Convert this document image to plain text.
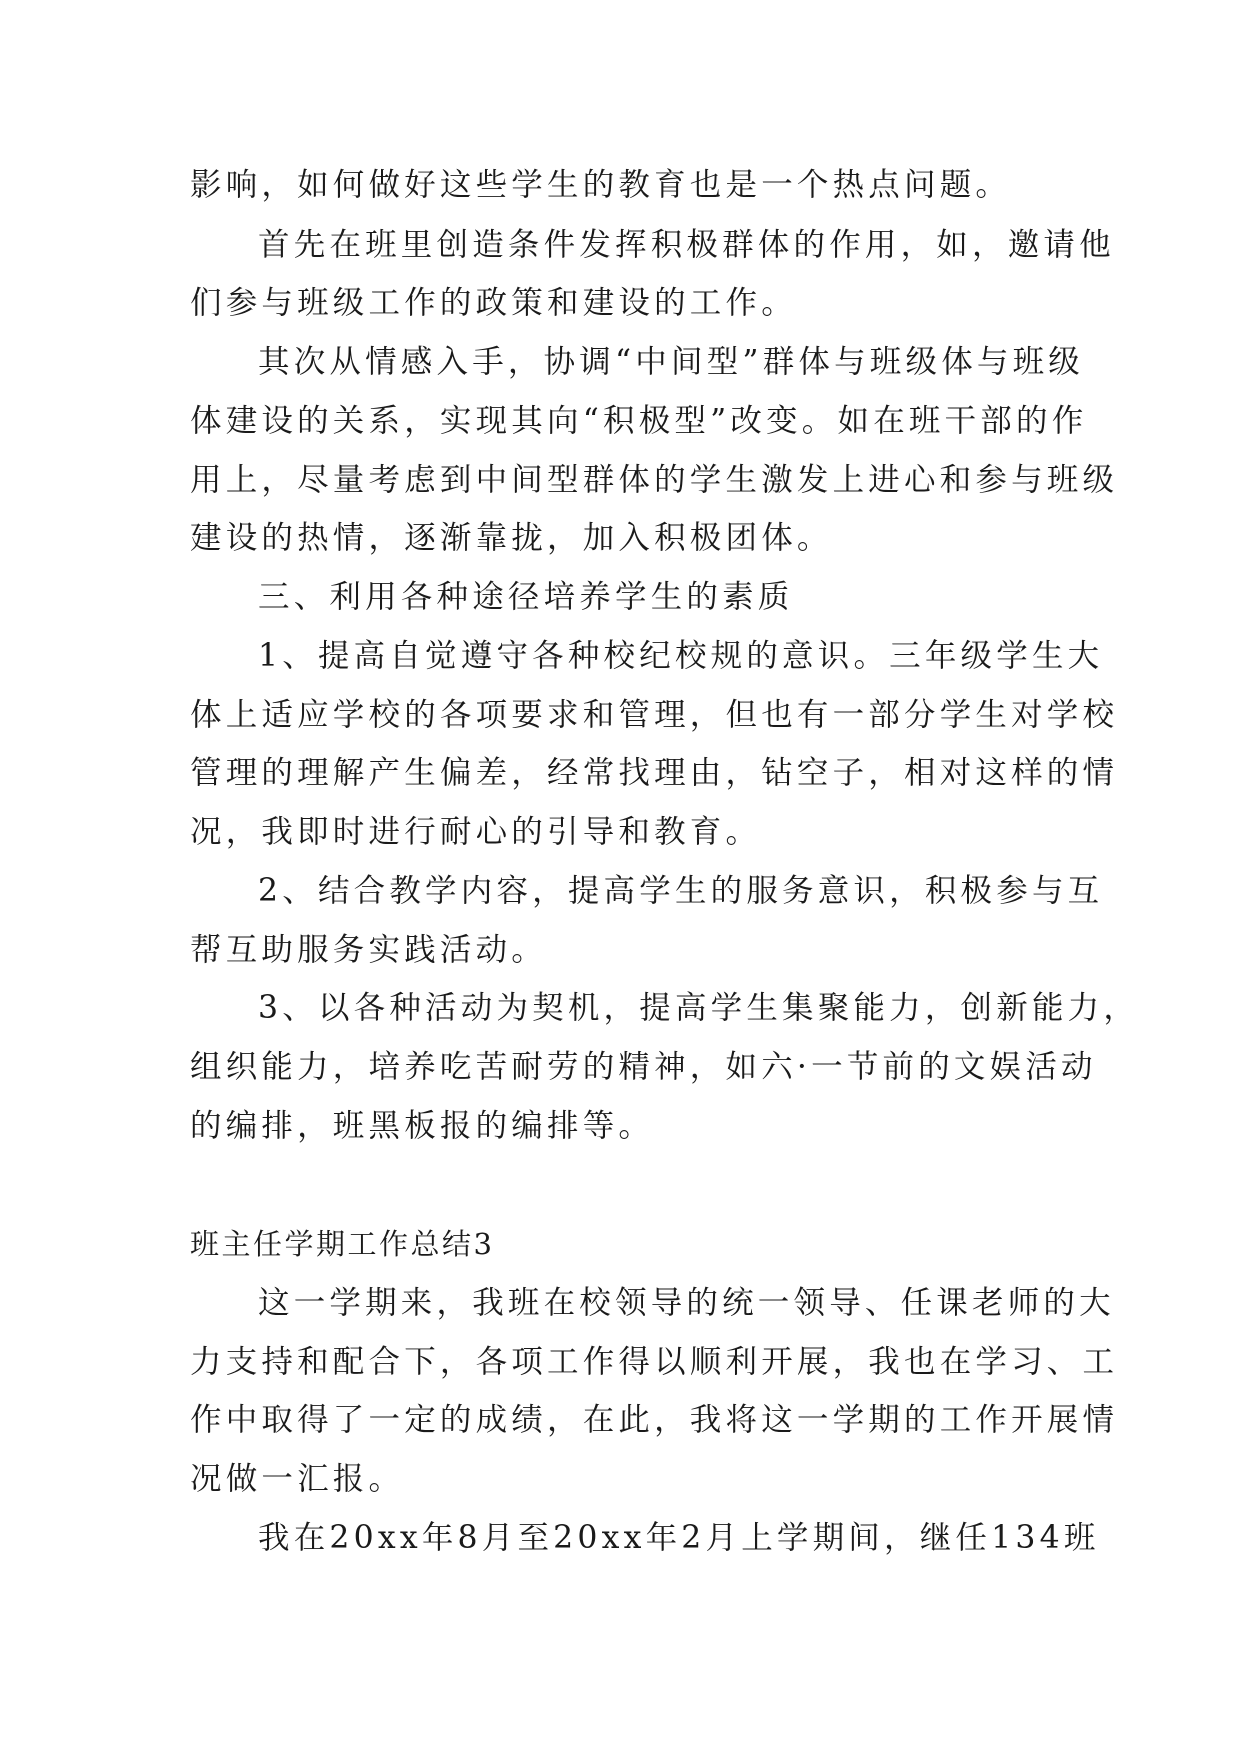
影响，如何做好这些学生的教育也是一个热点问题。
首先在班里创造条件发挥积极群体的作用，如，邀请他
们参与班级工作的政策和建设的工作。
其次从情感入手，协调“中间型”群体与班级体与班级
体建设的关系，实现其向“积极型”改变。如在班干部的作
用上，尽量考虑到中间型群体的学生激发上进心和参与班级
建设的热情，逐渐靠拢，加入积极团体。
三、利用各种途径培养学生的素质
1、提高自觉遵守各种校纪校规的意识。三年级学生大
体上适应学校的各项要求和管理，但也有一部分学生对学校
管理的理解产生偏差，经常找理由，钻空子，相对这样的情
况，我即时进行耐心的引导和教育。
2、结合教学内容，提高学生的服务意识，积极参与互
帮互助服务实践活动。
3、以各种活动为契机，提高学生集聚能力，创新能力，
组织能力，培养吃苦耐劳的精神，如六·一节前的文娱活动
的编排，班黑板报的编排等。
班主任学期工作总结3
这一学期来，我班在校领导的统一领导、任课老师的大
力支持和配合下，各项工作得以顺利开展，我也在学习、工
作中取得了一定的成绩，在此，我将这一学期的工作开展情
况做一汇报。
我在20xx年8月至20xx年2月上学期间，继任134班
